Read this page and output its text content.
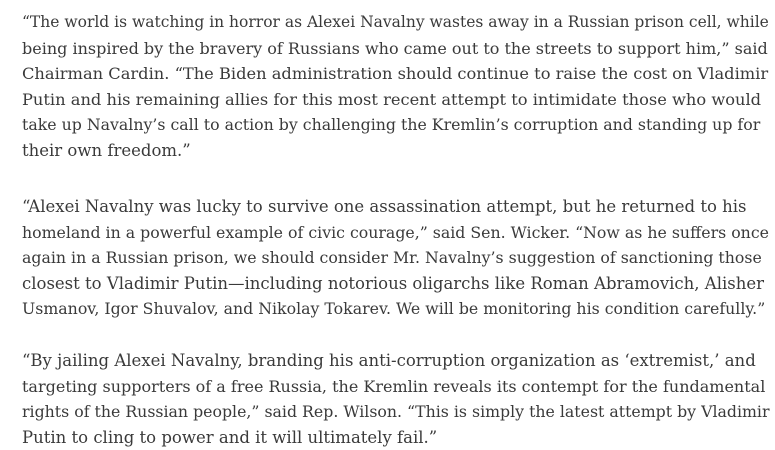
“The world is watching in horror as Alexei Navalny wastes away in a Russian prison cell, while
being inspired by the bravery of Russians who came out to the streets to support him,” said
Chairman Cardin. “The Biden administration should continue to raise the cost on Vladimir
Putin and his remaining allies for this most recent attempt to intimidate those who would
take up Navalny’s call to action by challenging the Kremlin’s corruption and standing up for
their own freedom.”

“Alexei Navalny was lucky to survive one assassination attempt, but he returned to his
homeland in a powerful example of civic courage,” said Sen. Wicker. “Now as he suffers once
again in a Russian prison, we should consider Mr. Navalny’s suggestion of sanctioning those
closest to Vladimir Putin—including notorious oligarchs like Roman Abramovich, Alisher
Usmanov, Igor Shuvalov, and Nikolay Tokarev. We will be monitoring his condition carefully.”

“By jailing Alexei Navalny, branding his anti-corruption organization as ‘extremist,’ and
targeting supporters of a free Russia, the Kremlin reveals its contempt for the fundamental
rights of the Russian people,” said Rep. Wilson. “This is simply the latest attempt by Vladimir
Putin to cling to power and it will ultimately fail.”
